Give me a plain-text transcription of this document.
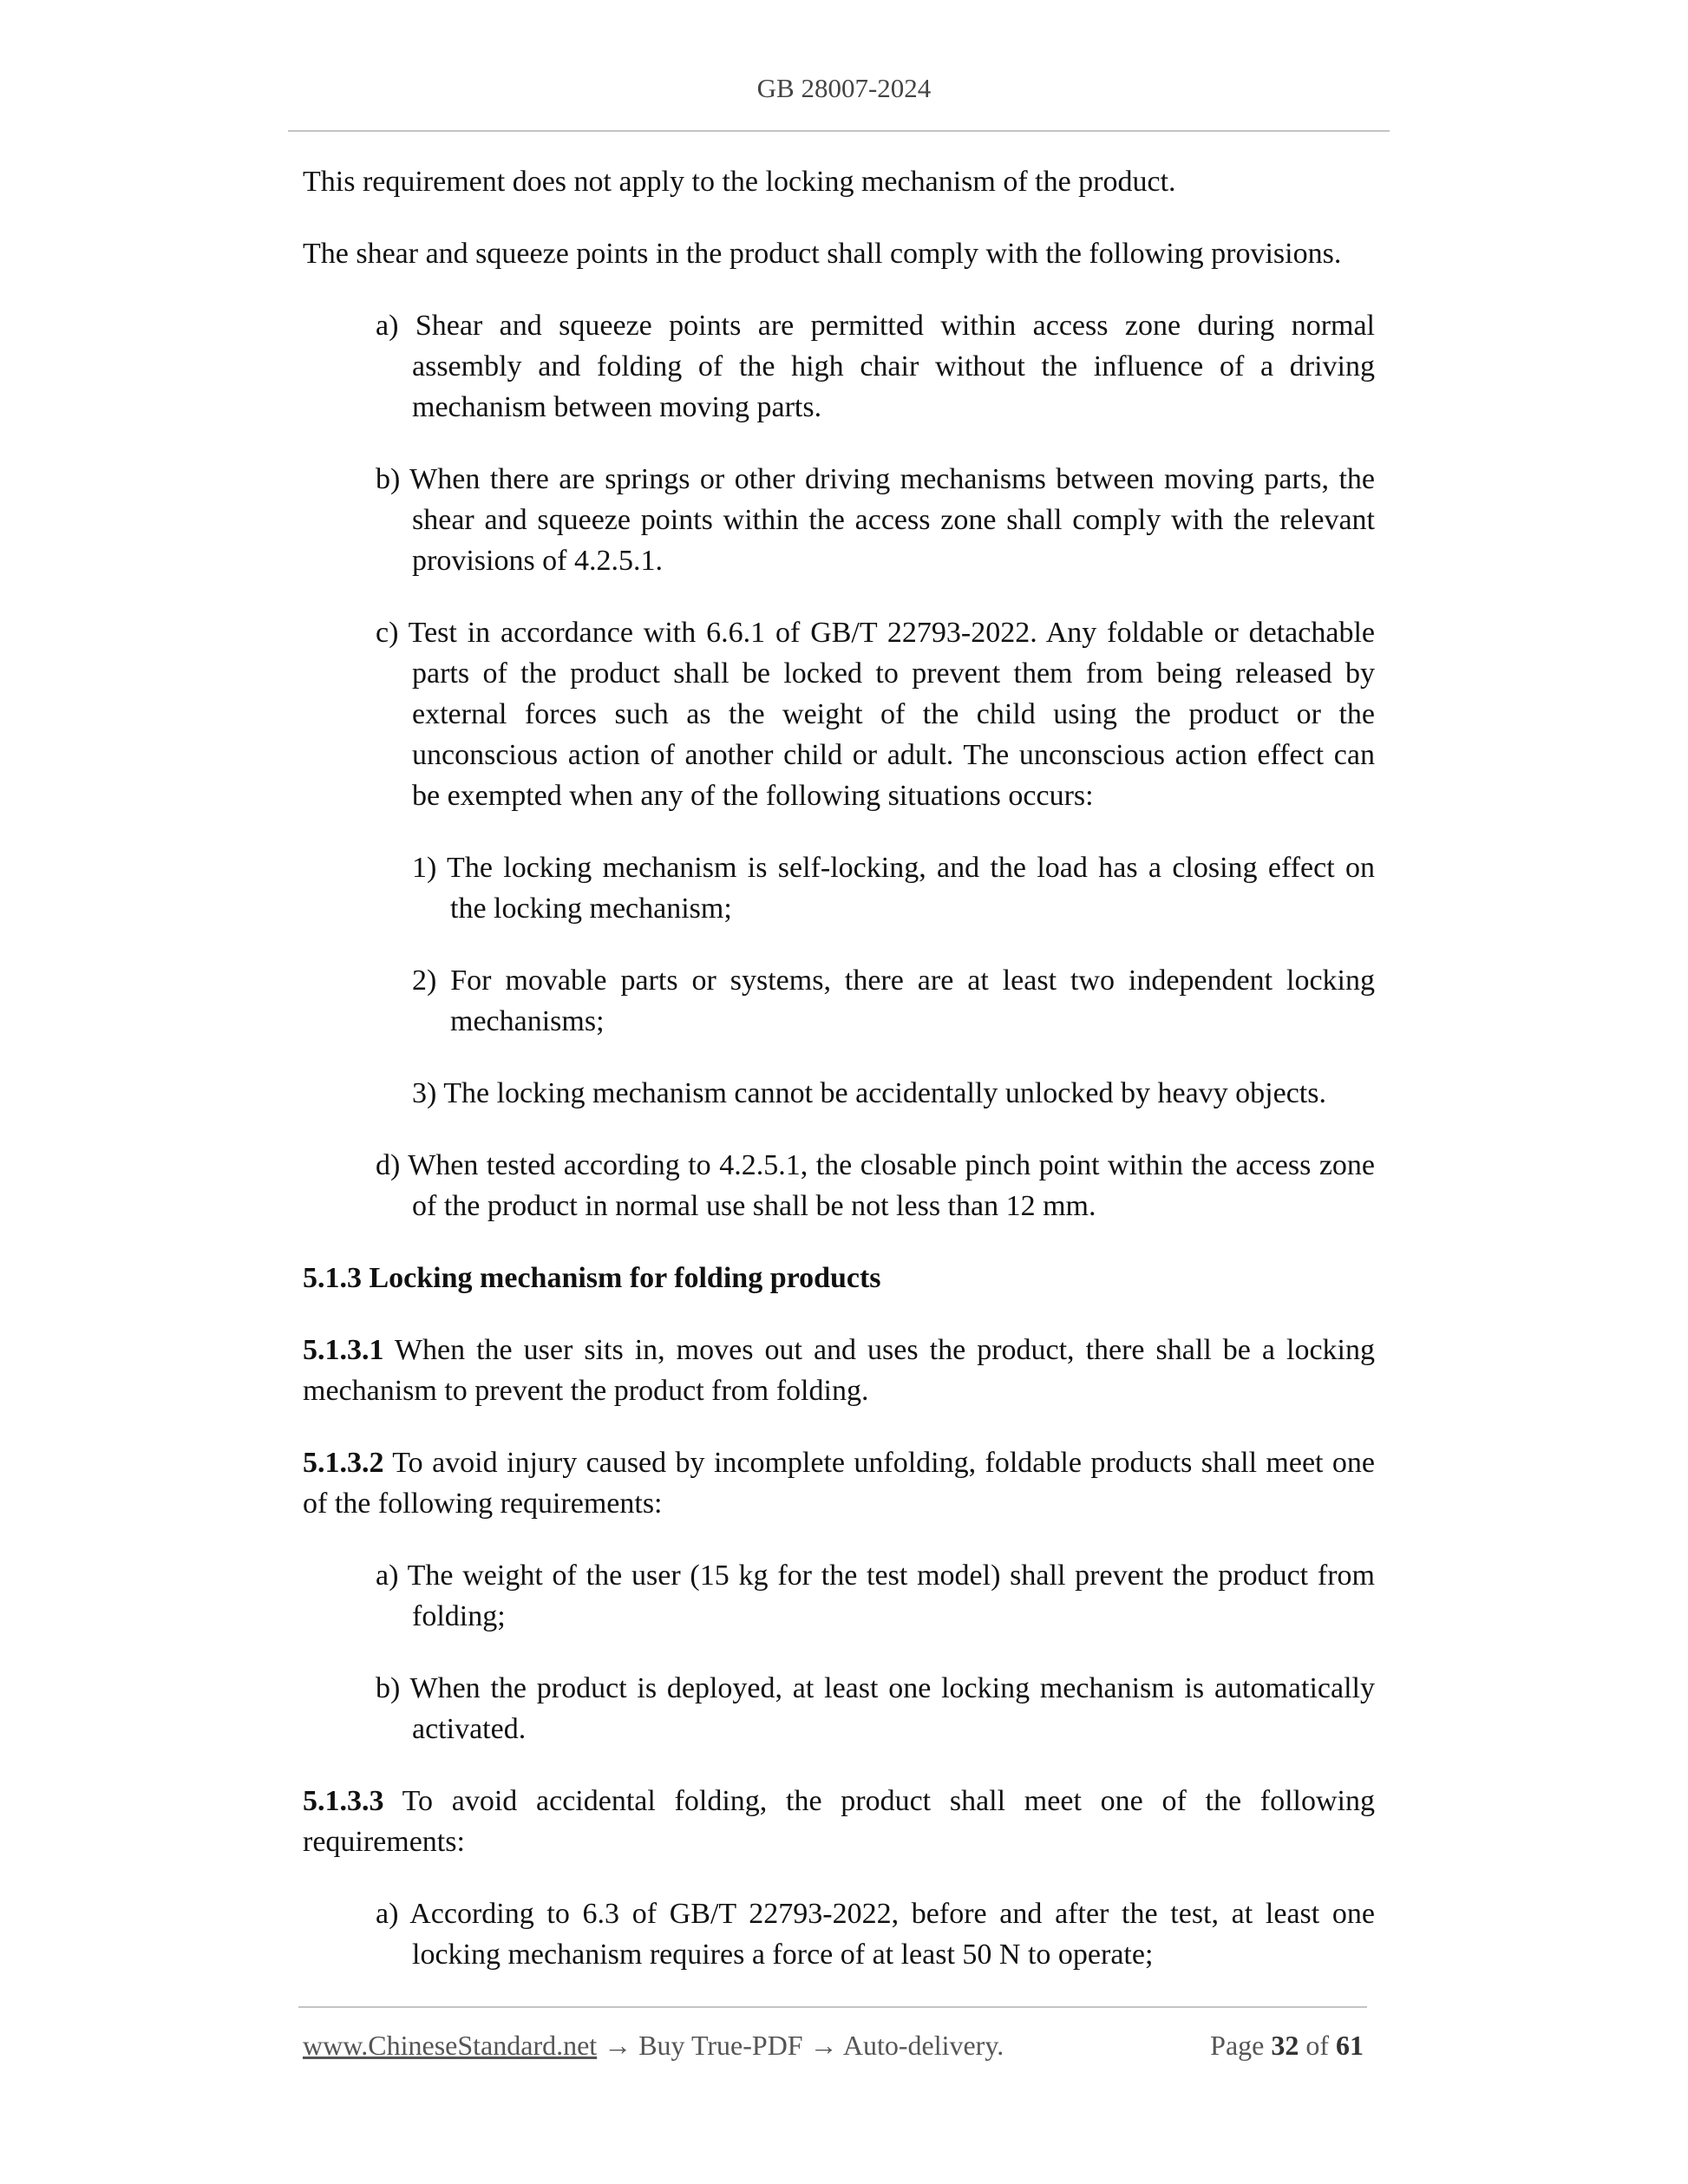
GB 28007-2024

This requirement does not apply to the locking mechanism of the product.

The shear and squeeze points in the product shall comply with the following provisions.

a) Shear and squeeze points are permitted within access zone during normal assembly and folding of the high chair without the influence of a driving mechanism between moving parts.

b) When there are springs or other driving mechanisms between moving parts, the shear and squeeze points within the access zone shall comply with the relevant provisions of 4.2.5.1.

c) Test in accordance with 6.6.1 of GB/T 22793-2022. Any foldable or detachable parts of the product shall be locked to prevent them from being released by external forces such as the weight of the child using the product or the unconscious action of another child or adult. The unconscious action effect can be exempted when any of the following situations occurs:

1) The locking mechanism is self-locking, and the load has a closing effect on the locking mechanism;

2) For movable parts or systems, there are at least two independent locking mechanisms;

3) The locking mechanism cannot be accidentally unlocked by heavy objects.

d) When tested according to 4.2.5.1, the closable pinch point within the access zone of the product in normal use shall be not less than 12 mm.

5.1.3 Locking mechanism for folding products

5.1.3.1 When the user sits in, moves out and uses the product, there shall be a locking mechanism to prevent the product from folding.

5.1.3.2 To avoid injury caused by incomplete unfolding, foldable products shall meet one of the following requirements:

a) The weight of the user (15 kg for the test model) shall prevent the product from folding;

b) When the product is deployed, at least one locking mechanism is automatically activated.

5.1.3.3 To avoid accidental folding, the product shall meet one of the following requirements:

a) According to 6.3 of GB/T 22793-2022, before and after the test, at least one locking mechanism requires a force of at least 50 N to operate;

www.ChineseStandard.net → Buy True-PDF → Auto-delivery.	Page 32 of 61
